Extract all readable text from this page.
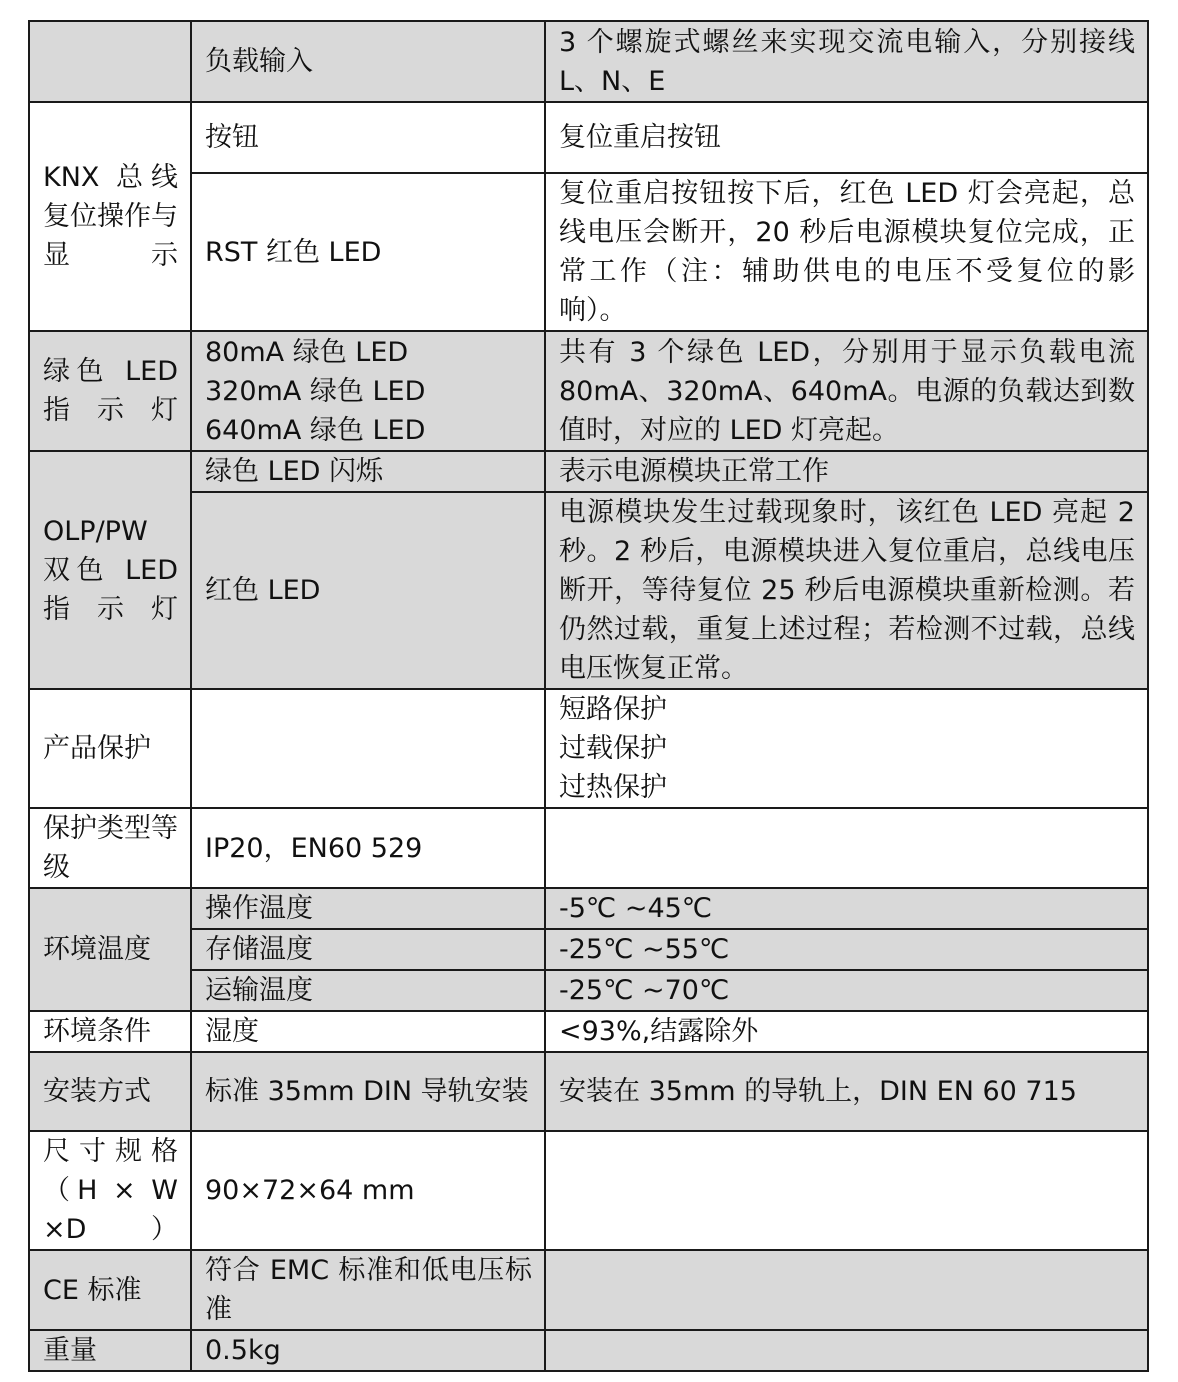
	负载输入	3 个螺旋式螺丝来实现交流电输入，分别接线 L、N、E

KNX 总线复位操作与显示	按钮	复位重启按钮
	RST 红色 LED	复位重启按钮按下后，红色 LED 灯会亮起，总线电压会断开，20 秒后电源模块复位完成，正常工作（注：辅助供电的电压不受复位的影响）。

绿色 LED 指示灯	80mA 绿色 LED
320mA 绿色 LED
640mA 绿色 LED	共有 3 个绿色 LED，分别用于显示负载电流 80mA、320mA、640mA。电源的负载达到数值时，对应的 LED 灯亮起。

OLP/PW 双色 LED 指示灯	绿色 LED 闪烁	表示电源模块正常工作
	红色 LED	电源模块发生过载现象时，该红色 LED 亮起 2 秒。2 秒后，电源模块进入复位重启，总线电压断开，等待复位 25 秒后电源模块重新检测。若仍然过载，重复上述过程；若检测不过载，总线电压恢复正常。
产品保护		短路保护
过载保护
过热保护

保护类型等级	IP20，EN60 529	
环境温度	操作温度	-5℃ ~45℃
	存储温度	-25℃ ~55℃
	运输温度	-25℃ ~70℃
环境条件	湿度	<93%,结露除外
安装方式	标准 35mm DIN 导轨安装	安装在 35mm 的导轨上，DIN EN 60 715

尺寸规格（H × W ×D）	90×72×64 mm	
CE 标准	符合 EMC 标准和低电压标准	
重量	0.5kg	
